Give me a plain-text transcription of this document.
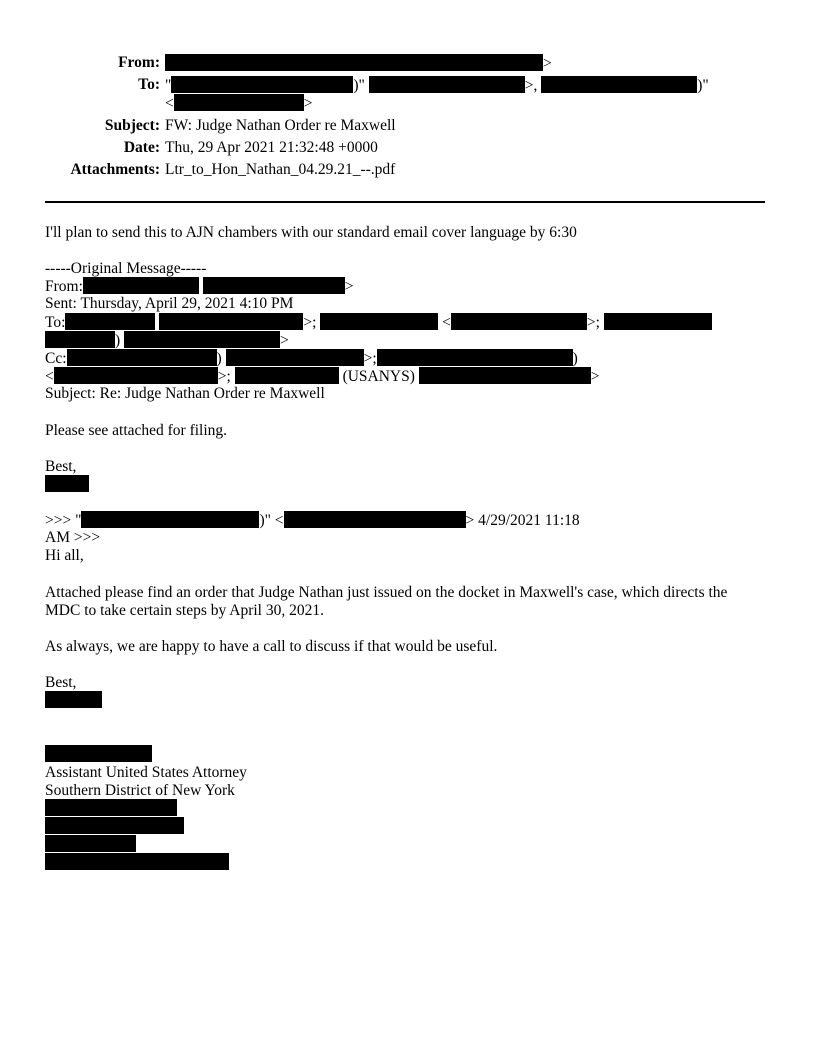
From:	>
To: "	)"	>,	)"
<	>
Subject: FW: Judge Nathan Order re Maxwell
Date: Thu, 29 Apr 2021 21:32:48 +0000
Attachments: Ltr_to_Hon_Nathan_04.29.21_--.pdf
I'll plan to send this to AJN chambers with our standard email cover language by 6:30
-----Original Message-----
From:	>
Sent: Thursday, April 29, 2021 4:10 PM
To:	>;	<	>;
)	>
Cc:	)	>;	)
<	>;	(USANYS)	>
Subject: Re: Judge Nathan Order re Maxwell
Please see attached for filing.
Best,
>>> "	)" <	> 4/29/2021 11:18
AM >>>
Hi all,
Attached please find an order that Judge Nathan just issued on the docket in Maxwell's case, which directs the
MDC to take certain steps by April 30, 2021.
As always, we are happy to have a call to discuss if that would be useful.
Best,
Assistant United States Attorney
Southern District of New York
